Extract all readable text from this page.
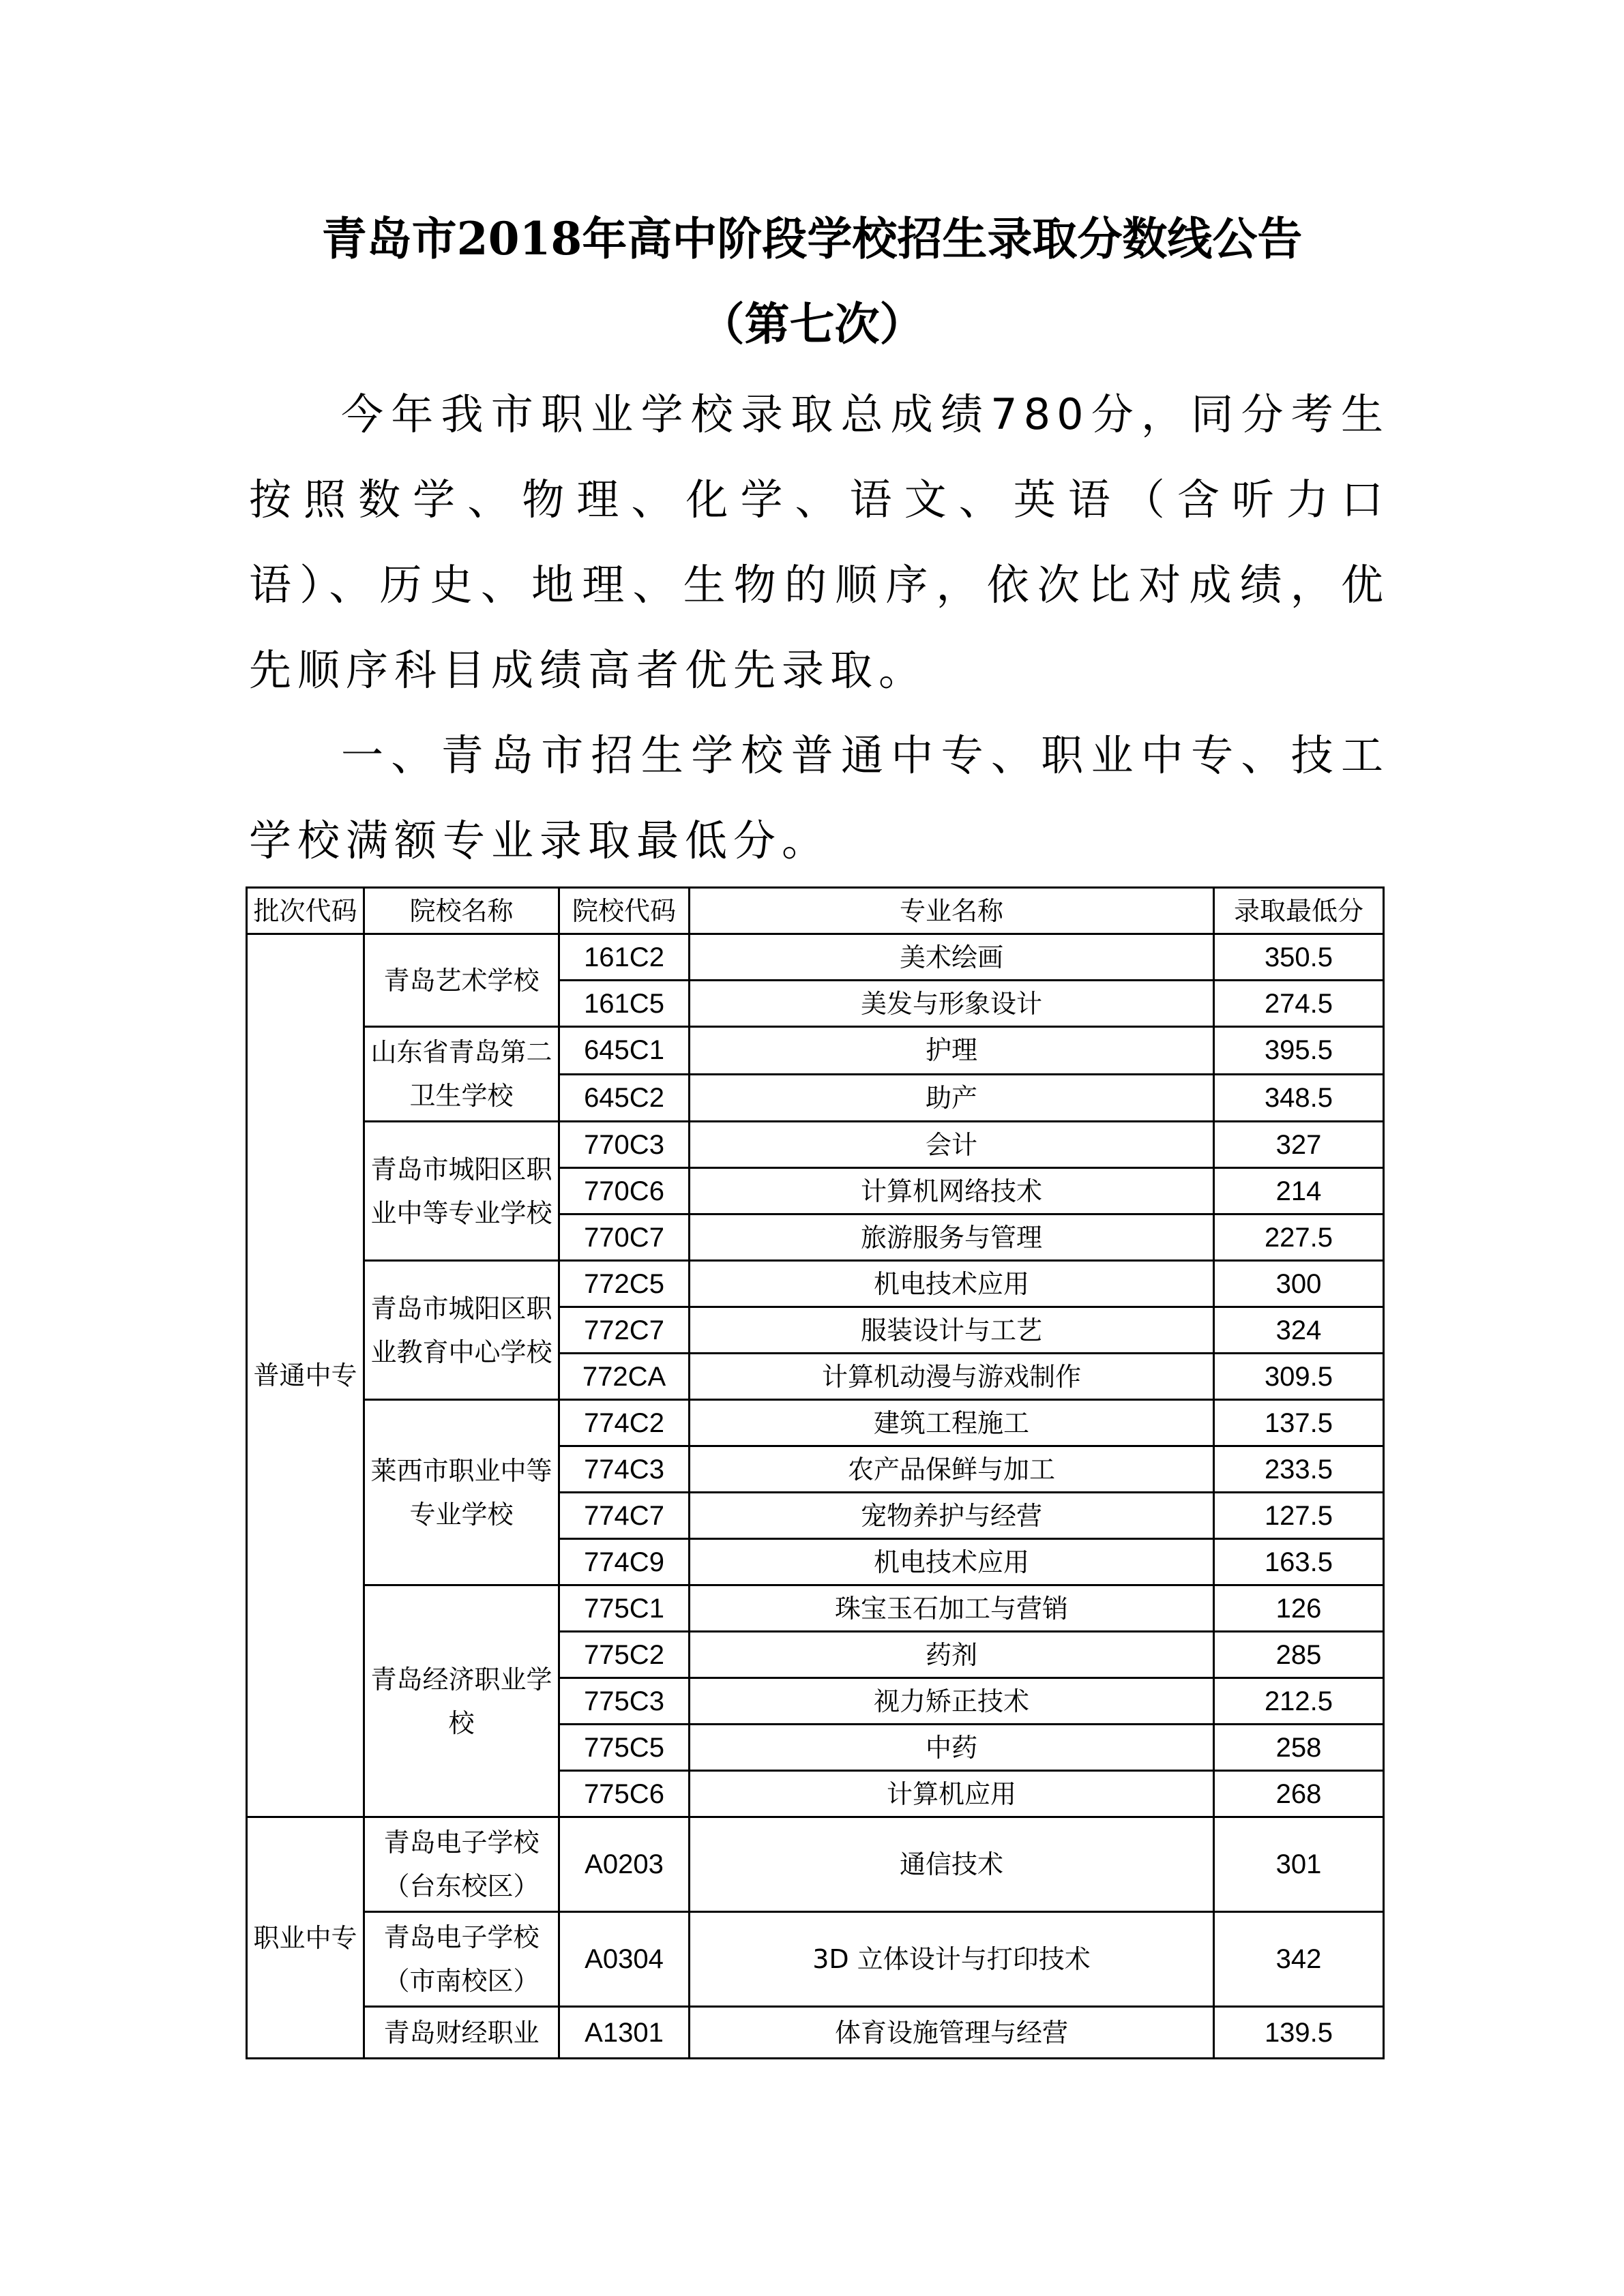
青岛市2018年高中阶段学校招生录取分数线公告
（第七次）

今年我市职业学校录取总成绩780分，同分考生按照数学、物理、化学、语文、英语（含听力口语）、历史、地理、生物的顺序，依次比对成绩，优先顺序科目成绩高者优先录取。

一、青岛市招生学校普通中专、职业中专、技工学校满额专业录取最低分。

批次代码	院校名称	院校代码	专业名称	录取最低分
普通中专	青岛艺术学校	161C2	美术绘画	350.5
		161C5	美发与形象设计	274.5
	山东省青岛第二卫生学校	645C1	护理	395.5
		645C2	助产	348.5
	青岛市城阳区职业中等专业学校	770C3	会计	327
		770C6	计算机网络技术	214
		770C7	旅游服务与管理	227.5
	青岛市城阳区职业教育中心学校	772C5	机电技术应用	300
		772C7	服装设计与工艺	324
		772CA	计算机动漫与游戏制作	309.5
	莱西市职业中等专业学校	774C2	建筑工程施工	137.5
		774C3	农产品保鲜与加工	233.5
		774C7	宠物养护与经营	127.5
		774C9	机电技术应用	163.5
	青岛经济职业学校	775C1	珠宝玉石加工与营销	126
		775C2	药剂	285
		775C3	视力矫正技术	212.5
		775C5	中药	258
		775C6	计算机应用	268
职业中专	青岛电子学校（台东校区）	A0203	通信技术	301
	青岛电子学校（市南校区）	A0304	3D 立体设计与打印技术	342
	青岛财经职业	A1301	体育设施管理与经营	139.5
